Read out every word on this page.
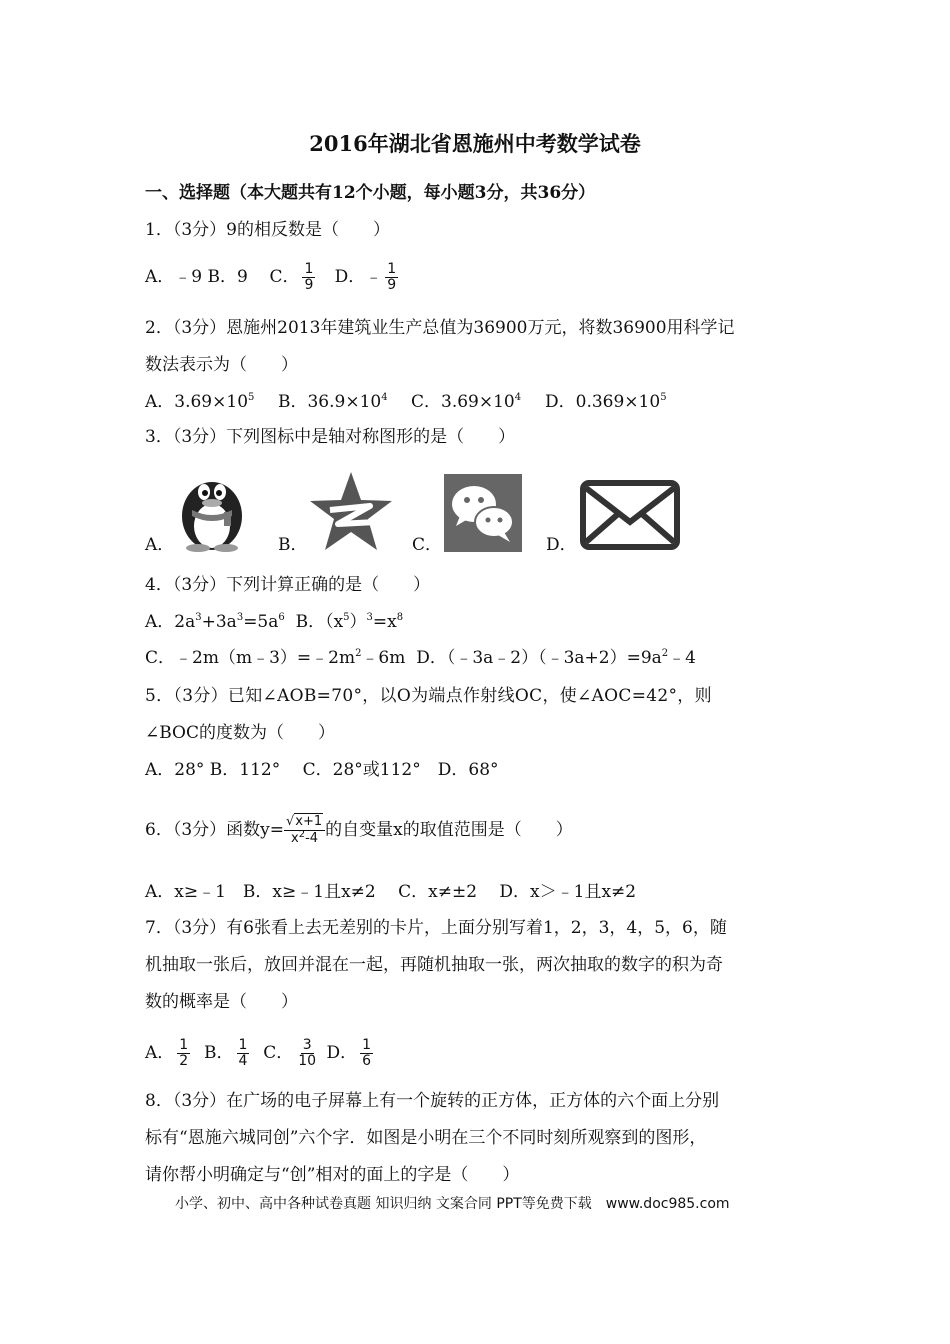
2016年湖北省恩施州中考数学试卷
一、选择题（本大题共有12个小题，每小题3分，共36分）
1．（3分）9的相反数是（　　）
A．﹣9 B．9 C． $\frac{1}{9}$ D．﹣ $\frac{1}{9}$
2．（3分）恩施州2013年建筑业生产总值为36900万元，将数36900用科学记
数法表示为（　　）
A．$3.69\times 10^5$ B．$36.9\times 10^4$ C．$3.69\times 10^4$ D．$0.369\times 10^5$
3．（3分）下列图标中是轴对称图形的是（　　）
A．	B．	C．	D．
4．（3分）下列计算正确的是（　　）
A．$2a^3+3a^3=5a^6$ B．$(x^5)^3=x^8$
C．$﹣2m(m﹣3)=﹣2m^2﹣6m$ D．$(﹣3a﹣2)(﹣3a+2)=9a^2﹣4$
5．（3分）已知∠AOB=70°，以O为端点作射线OC，使∠AOC=42°，则
∠BOC的度数为（　　）
A．28° B．112°　 C．28°或112°　D．68°
6．（3分）函数$y= \frac{√x+1}{x^2-4}$ 的自变量x的取值范围是（　　）
A．x≥﹣1　B．x≥﹣1且x≠2　 C．x≠±2　 D．x＞﹣1且x≠2
7．（3分）有6张看上去无差别的卡片，上面分别写着1，2，3，4，5，6，随
机抽取一张后，放回并混在一起，再随机抽取一张，两次抽取的数字的积为奇
数的概率是（　　）
A． $\frac{1}{2}$ B． $\frac{1}{4}$ C． $\frac{3}{10}$ D． $\frac{1}{6}$
8．（3分）在广场的电子屏幕上有一个旋转的正方体，正方体的六个面上分别
标有“恩施六城同创”六个字．如图是小明在三个不同时刻所观察到的图形，
请你帮小明确定与“创”相对的面上的字是（　　）
小学、初中、高中各种试卷真题 知识归纳 文案合同 PPT等免费下载　www.doc985.com
